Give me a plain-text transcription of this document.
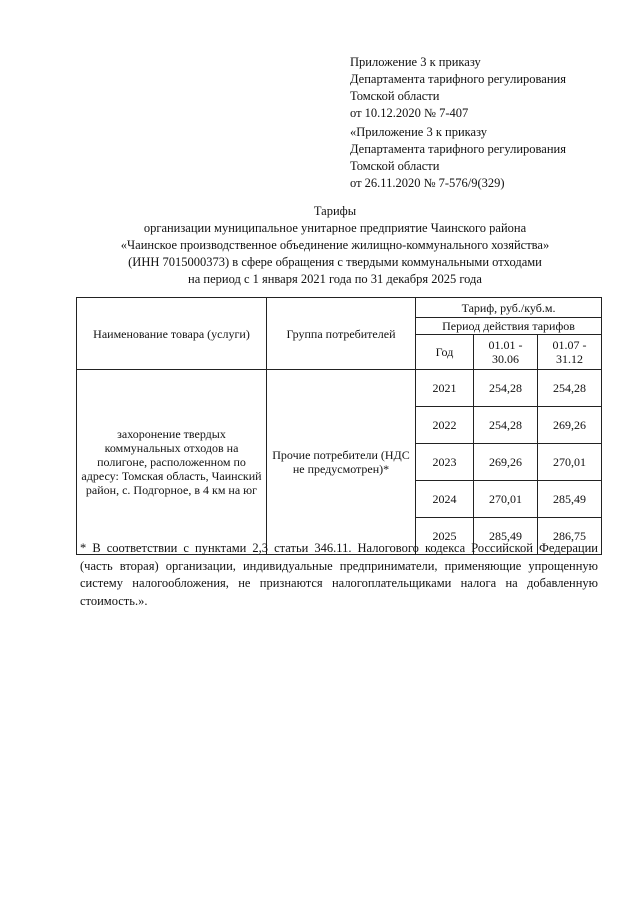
Приложение 3 к приказу
Департамента тарифного регулирования
Томской области
от 10.12.2020 № 7-407
«Приложение 3 к приказу
Департамента тарифного регулирования
Томской области
от 26.11.2020 № 7-576/9(329)
Тарифы
организации муниципальное унитарное предприятие Чаинского района
«Чаинское производственное объединение жилищно-коммунального хозяйства»
(ИНН 7015000373) в сфере обращения с твердыми коммунальными отходами
на период с 1 января 2021 года по 31 декабря 2025 года
Наименование товара (услуги)	Группа потребителей	Тариф, руб./куб.м.		
		Период действия тарифов		
		Год	01.01 - 30.06	01.07 - 31.12
захоронение твердых коммунальных отходов на полигоне, расположенном по адресу: Томская область, Чаинский район, с. Подгорное, в 4 км на юг	Прочие потребители (НДС не предусмотрен)*	2021	254,28	254,28
		2022	254,28	269,26
		2023	269,26	270,01
		2024	270,01	285,49
		2025	285,49	286,75
* В соответствии с пунктами 2,3 статьи 346.11. Налогового кодекса Российской Федерации (часть вторая) организации, индивидуальные предприниматели, применяющие упрощенную систему налогообложения, не признаются налогоплательщиками налога на добавленную стоимость.».
